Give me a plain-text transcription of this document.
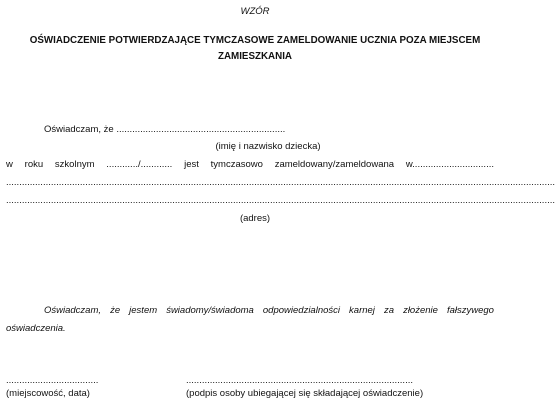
WZÓR
OŚWIADCZENIE POTWIERDZAJĄCE TYMCZASOWE ZAMELDOWANIE UCZNIA POZA MIEJSCEM
ZAMIESZKANIA
Oświadczam, że ................................................................
(imię i nazwisko dziecka)
w roku szkolnym ............/............ jest tymczasowo zameldowany/zameldowana w...............................
................................................................................................................................................................................................................
................................................................................................................................................................................................................
(adres)
Oświadczam, że jestem świadomy/świadoma odpowiedzialności karnej za złożenie fałszywego
oświadczenia.
...................................	......................................................................................
(miejscowość, data)	(podpis osoby ubiegającej się składającej oświadczenie)
